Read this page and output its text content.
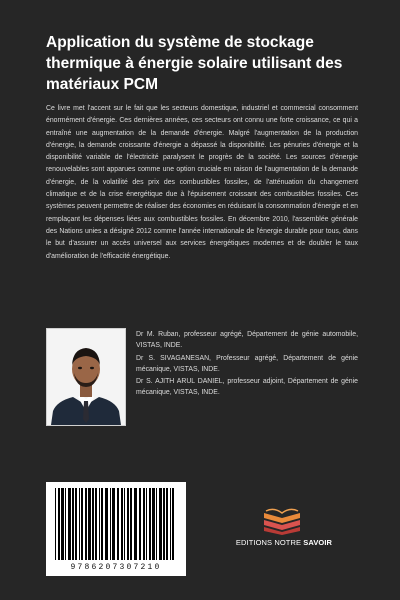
Application du système de stockage thermique à énergie solaire utilisant des matériaux PCM

Ce livre met l'accent sur le fait que les secteurs domestique, industriel et commercial consomment énormément d'énergie. Ces dernières années, ces secteurs ont connu une forte croissance, ce qui a entraîné une augmentation de la demande d'énergie. Malgré l'augmentation de la production d'énergie, la demande croissante d'énergie a dépassé la disponibilité. Les pénuries d'énergie et la disponibilité variable de l'électricité paralysent le progrès de la société. Les sources d'énergie renouvelables sont apparues comme une option cruciale en raison de l'augmentation de la demande d'énergie, de la volatilité des prix des combustibles fossiles, de l'atténuation du changement climatique et de la crise énergétique due à l'épuisement croissant des combustibles fossiles. Ces systèmes peuvent permettre de réaliser des économies en réduisant la consommation d'énergie et en remplaçant les dépenses liées aux combustibles fossiles. En décembre 2010, l'assemblée générale des Nations unies a désigné 2012 comme l'année internationale de l'énergie durable pour tous, dans le but d'assurer un accès universel aux services énergétiques modernes et de doubler le taux d'amélioration de l'efficacité énergétique.

Dr M. Ruban, professeur agrégé, Département de génie automobile, VISTAS, INDE.

Dr S. SIVAGANESAN, Professeur agrégé, Département de génie mécanique, VISTAS, INDE.

Dr S. AJITH ARUL DANIEL, professeur adjoint, Département de génie mécanique, VISTAS, INDE.

9786207307210
EDITIONS NOTRE SAVOIR
